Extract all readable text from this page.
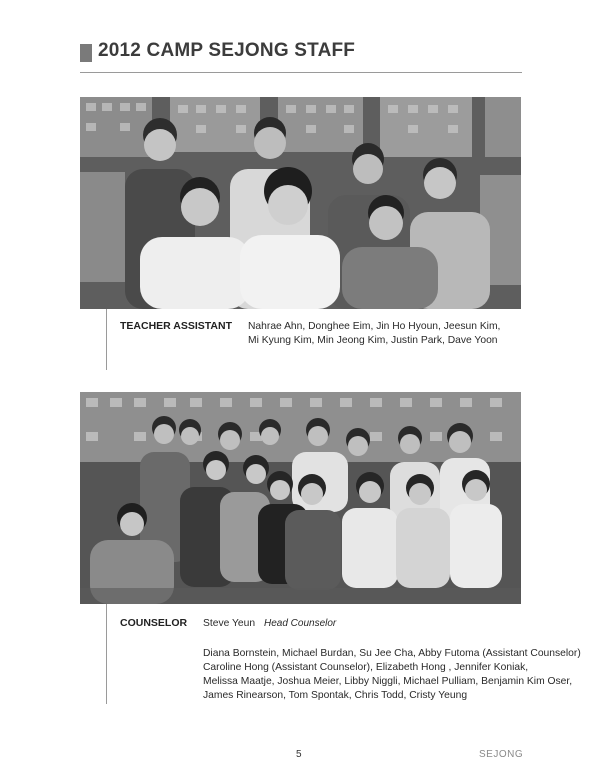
2012 CAMP SEJONG STAFF
TEACHER ASSISTANT Nahrae Ahn, Donghee Eim, Jin Ho Hyoun, Jeesun Kim,

Mi Kyung Kim, Min Jeong Kim, Justin Park, Dave Yoon

COUNSELOR Steve Yeun Head Counselor

Diana Bornstein, Michael Burdan, Su Jee Cha, Abby Futoma (Assistant Counselor)

Caroline Hong (Assistant Counselor), Elizabeth Hong , Jennifer Koniak,

Melissa Maatje, Joshua Meier, Libby Niggli, Michael Pulliam, Benjamin Kim Oser,

James Rinearson, Tom Spontak, Chris Todd, Cristy Yeung

5	SEJONG
